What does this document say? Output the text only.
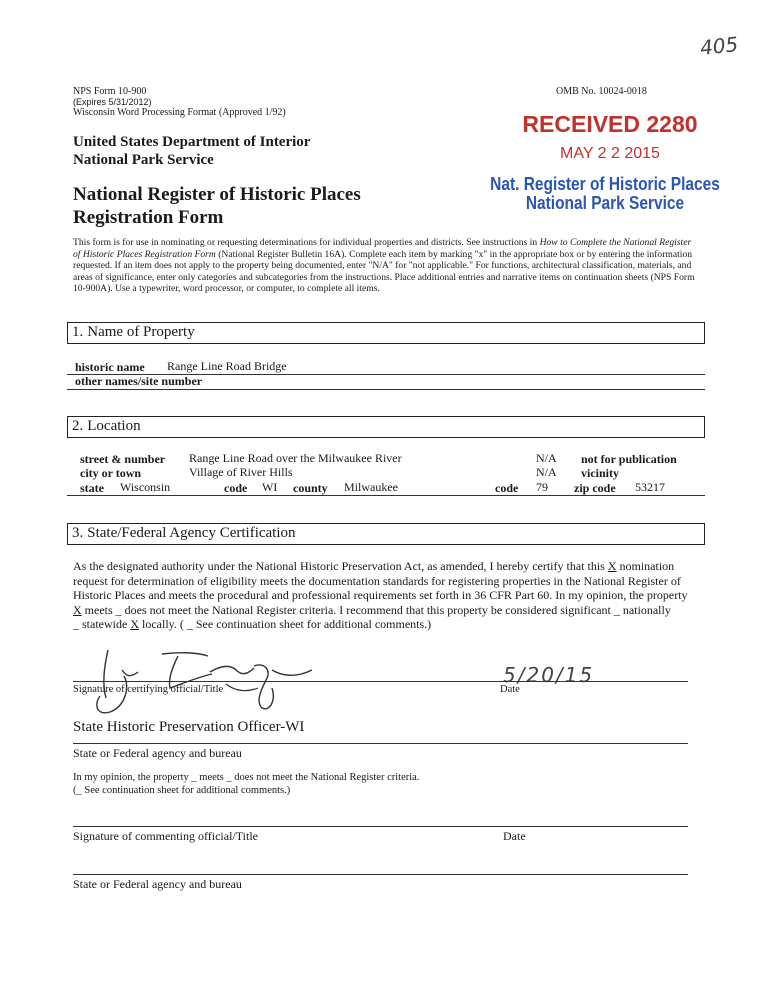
405
NPS Form 10-900
(Expires 5/31/2012)
Wisconsin Word Processing Format (Approved 1/92)
OMB No. 10024-0018
United States Department of Interior
National Park Service
National Register of Historic Places
Registration Form
RECEIVED 2280
MAY 2 2 2015
Nat. Register of Historic Places
National Park Service
This form is for use in nominating or requesting determinations for individual properties and districts. See instructions in How to Complete the National Register of Historic Places Registration Form (National Register Bulletin 16A). Complete each item by marking "x" in the appropriate box or by entering the information requested. If an item does not apply to the property being documented, enter "N/A" for "not applicable." For functions, architectural classification, materials, and areas of significance, enter only categories and subcategories from the instructions. Place additional entries and narrative items on continuation sheets (NPS Form 10-900A). Use a typewriter, word processor, or computer, to complete all items.
1. Name of Property
historic name Range Line Road Bridge
other names/site number
2. Location
street & number Range Line Road over the Milwaukee River	N/A not for publication
city or town	Village of River Hills	N/A vicinity
state Wisconsin	code WI county Milwaukee	code 79 zip code 53217
3. State/Federal Agency Certification
As the designated authority under the National Historic Preservation Act, as amended, I hereby certify that this X nomination
request for determination of eligibility meets the documentation standards for registering properties in the National Register of
Historic Places and meets the procedural and professional requirements set forth in 36 CFR Part 60. In my opinion, the property
X meets _ does not meet the National Register criteria. I recommend that this property be considered significant _ nationally
_ statewide X locally. ( _ See continuation sheet for additional comments.)
5/20/15
Signature of certifying official/Title	Date
State Historic Preservation Officer-WI
State or Federal agency and bureau
In my opinion, the property _ meets _ does not meet the National Register criteria.
(_ See continuation sheet for additional comments.)
Signature of commenting official/Title	Date
State or Federal agency and bureau
